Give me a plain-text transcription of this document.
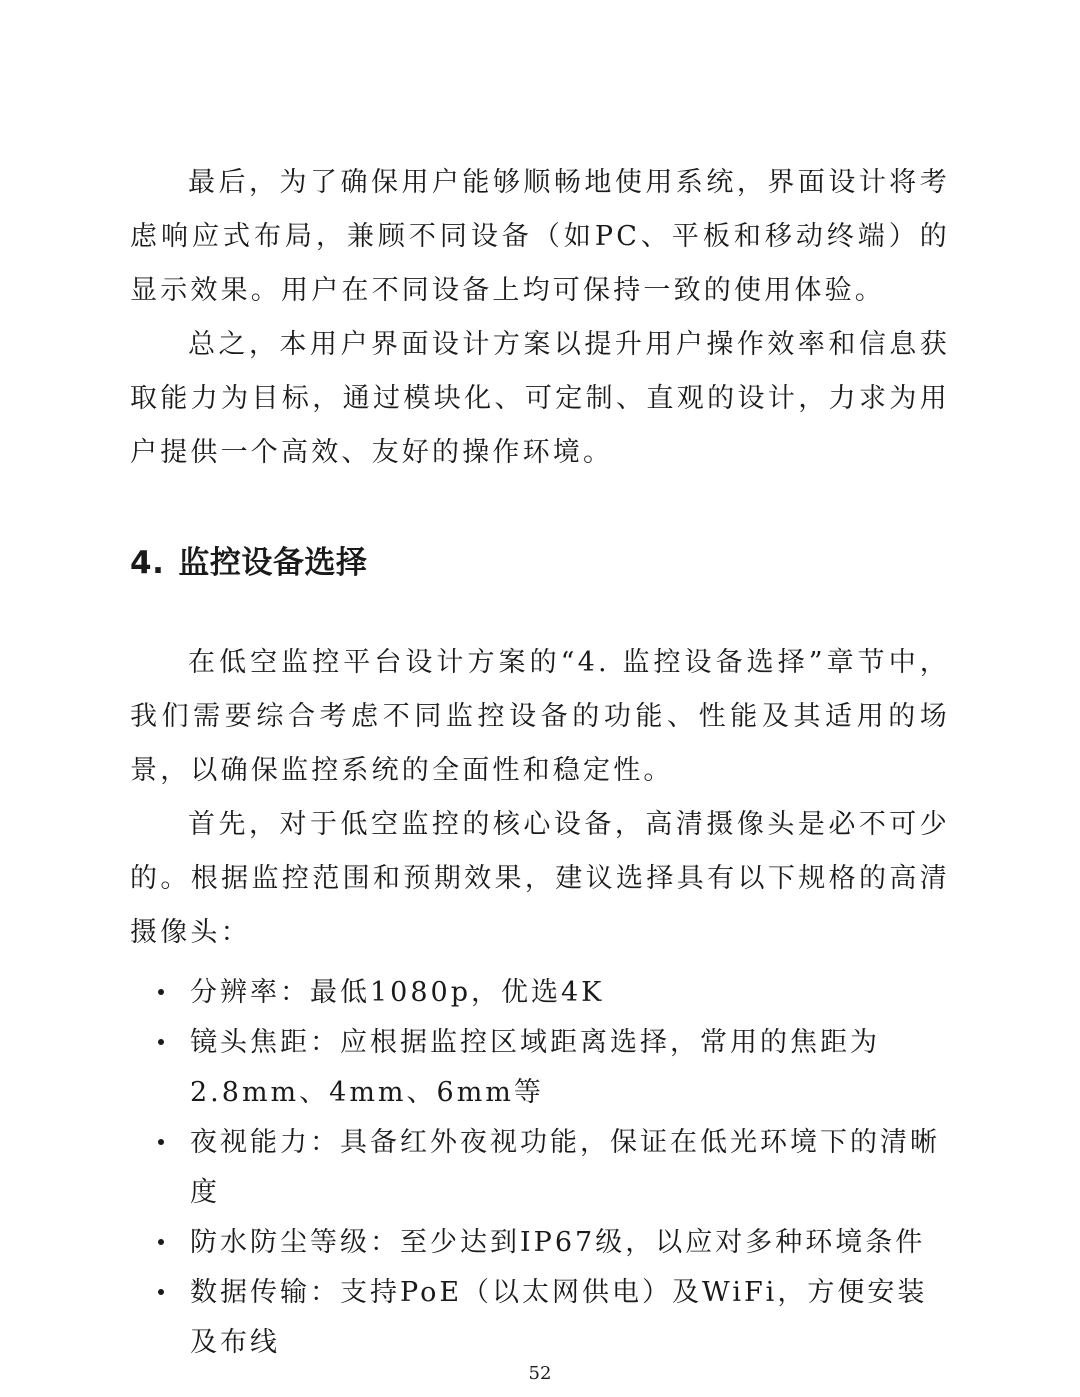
最后，为了确保用户能够顺畅地使用系统，界面设计将考虑响应式布局，兼顾不同设备（如PC、平板和移动终端）的显示效果。用户在不同设备上均可保持一致的使用体验。

总之，本用户界面设计方案以提升用户操作效率和信息获取能力为目标，通过模块化、可定制、直观的设计，力求为用户提供一个高效、友好的操作环境。

4. 监控设备选择

在低空监控平台设计方案的“4. 监控设备选择”章节中，我们需要综合考虑不同监控设备的功能、性能及其适用的场景，以确保监控系统的全面性和稳定性。

首先，对于低空监控的核心设备，高清摄像头是必不可少的。根据监控范围和预期效果，建议选择具有以下规格的高清摄像头：

分辨率：最低1080p，优选4K
镜头焦距：应根据监控区域距离选择，常用的焦距为2.8mm、4mm、6mm等
夜视能力：具备红外夜视功能，保证在低光环境下的清晰度
防水防尘等级：至少达到IP67级，以应对多种环境条件
数据传输：支持PoE（以太网供电）及WiFi，方便安装及布线
52
